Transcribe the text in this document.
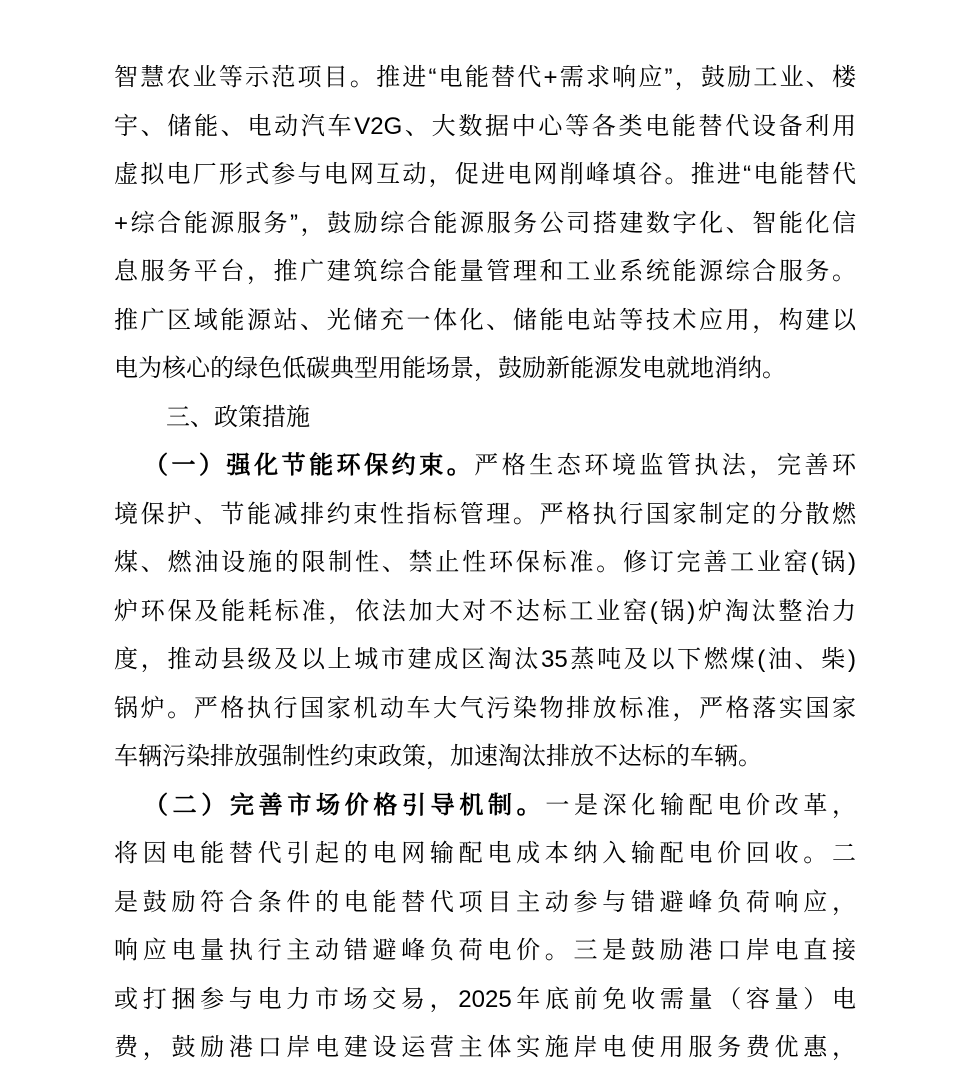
智慧农业等示范项目。推进“电能替代+需求响应”，鼓励工业、楼
宇、储能、电动汽车V2G、大数据中心等各类电能替代设备利用
虚拟电厂形式参与电网互动，促进电网削峰填谷。推进“电能替代
+综合能源服务”，鼓励综合能源服务公司搭建数字化、智能化信
息服务平台，推广建筑综合能量管理和工业系统能源综合服务。
推广区域能源站、光储充一体化、储能电站等技术应用，构建以
电为核心的绿色低碳典型用能场景，鼓励新能源发电就地消纳。
三、政策措施
（一）强化节能环保约束。严格生态环境监管执法，完善环
境保护、节能减排约束性指标管理。严格执行国家制定的分散燃
煤、燃油设施的限制性、禁止性环保标准。修订完善工业窑(锅)
炉环保及能耗标准，依法加大对不达标工业窑(锅)炉淘汰整治力
度，推动县级及以上城市建成区淘汰35蒸吨及以下燃煤(油、柴)
锅炉。严格执行国家机动车大气污染物排放标准，严格落实国家
车辆污染排放强制性约束政策，加速淘汰排放不达标的车辆。
（二）完善市场价格引导机制。一是深化输配电价改革，
将因电能替代引起的电网输配电成本纳入输配电价回收。二
是鼓励符合条件的电能替代项目主动参与错避峰负荷响应，
响应电量执行主动错避峰负荷电价。三是鼓励港口岸电直接
或打捆参与电力市场交易，2025年底前免收需量（容量）电
费，鼓励港口岸电建设运营主体实施岸电使用服务费优惠，
